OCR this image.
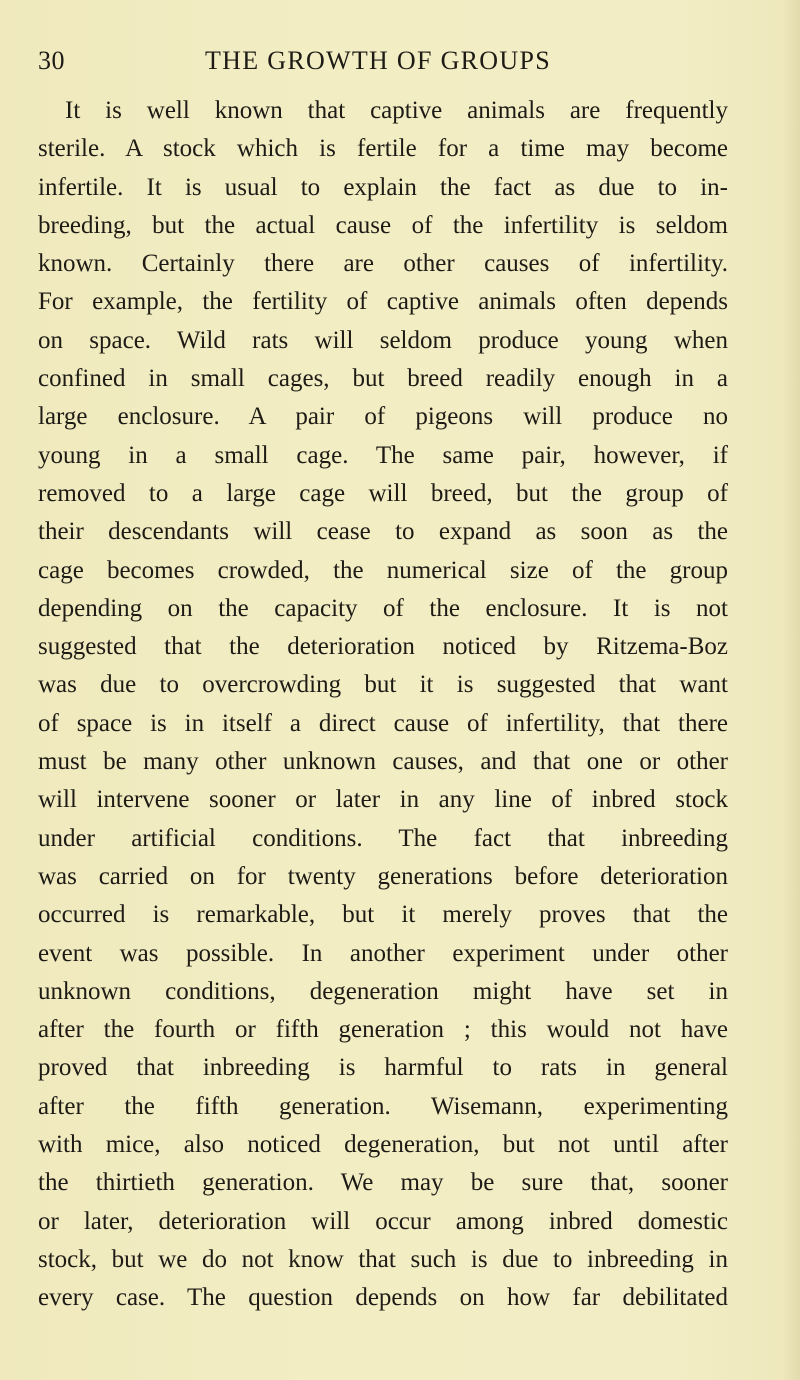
30	THE GROWTH OF GROUPS
It is well known that captive animals are frequently
sterile. A stock which is fertile for a time may become
infertile. It is usual to explain the fact as due to in-
breeding, but the actual cause of the infertility is seldom
known. Certainly there are other causes of infertility.
For example, the fertility of captive animals often depends
on space. Wild rats will seldom produce young when
confined in small cages, but breed readily enough in a
large enclosure. A pair of pigeons will produce no
young in a small cage. The same pair, however, if
removed to a large cage will breed, but the group of
their descendants will cease to expand as soon as the
cage becomes crowded, the numerical size of the group
depending on the capacity of the enclosure. It is not
suggested that the deterioration noticed by Ritzema-Boz
was due to overcrowding but it is suggested that want
of space is in itself a direct cause of infertility, that there
must be many other unknown causes, and that one or other
will intervene sooner or later in any line of inbred stock
under artificial conditions. The fact that inbreeding
was carried on for twenty generations before deterioration
occurred is remarkable, but it merely proves that the
event was possible. In another experiment under other
unknown conditions, degeneration might have set in
after the fourth or fifth generation ; this would not have
proved that inbreeding is harmful to rats in general
after the fifth generation. Wisemann, experimenting
with mice, also noticed degeneration, but not until after
the thirtieth generation. We may be sure that, sooner
or later, deterioration will occur among inbred domestic
stock, but we do not know that such is due to inbreeding in
every case. The question depends on how far debilitated
